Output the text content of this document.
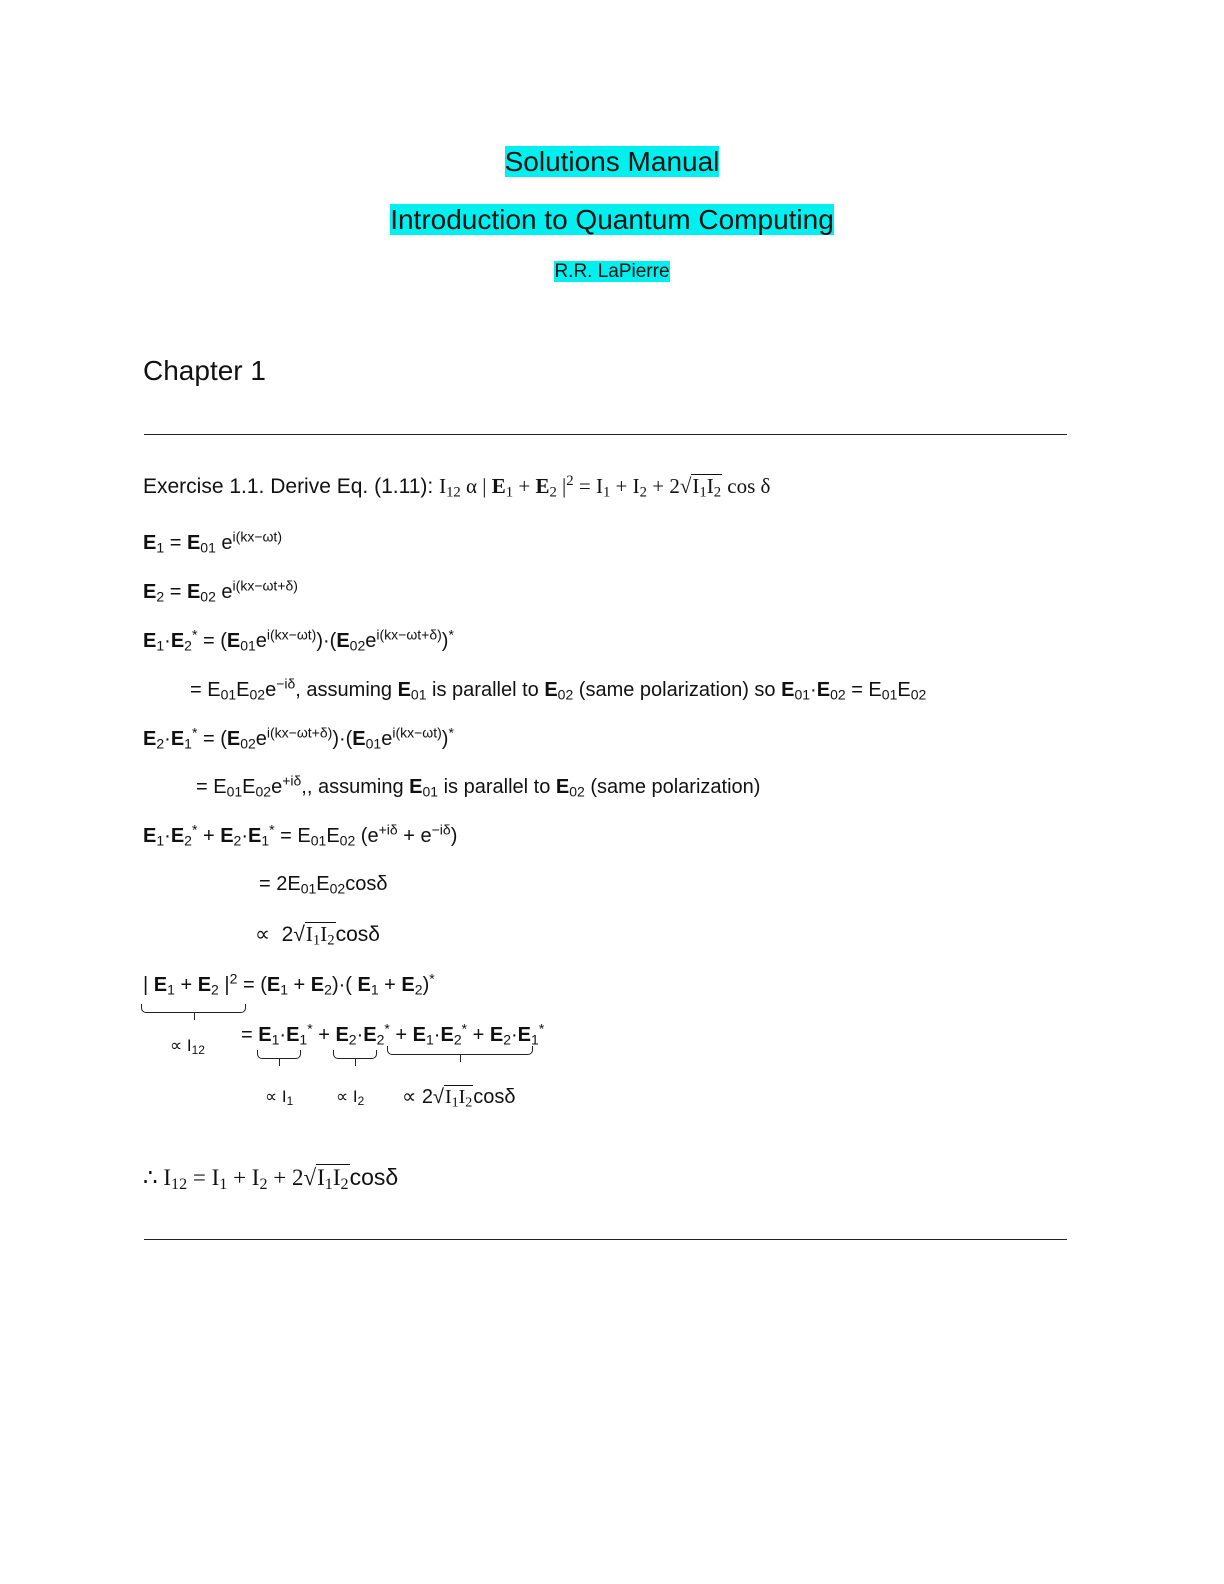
Solutions Manual
Introduction to Quantum Computing
R.R. LaPierre
Chapter 1
Exercise 1.1. Derive Eq. (1.11): $I_{12}$ α | $E_1 + E_2$ $|^2 = I_1 + I_2 + 2√I_1I_2$ cos δ
$E_1 = E_{01}$ $e^{i(kx-\omega t)}$
$E_2 = E_{02}$ $e^{i(kx-\omega t+\delta)}$
$E_1\cdot E_2^* = (E_{01}e^{i(kx-\omega t)})\cdot(E_{02}e^{i(kx-\omega t+\delta)})^*$
= $E_{01}E_{02}e^{-i\delta}$, assuming $E_{01}$ is parallel to $E_{02}$ (same polarization) so $E_{01}\cdot E_{02} = E_{01}E_{02}$
$E_2\cdot E_1^* = (E_{02}e^{i(kx-\omega t+\delta)})\cdot(E_{01}e^{i(kx-\omega t)})^*$
= $E_{01}E_{02}e^{+i\delta}$,, assuming $E_{01}$ is parallel to $E_{02}$ (same polarization)
$E_1\cdot E_2^* + E_2\cdot E_1^* = E_{01}E_{02}$ $(e^{+i\delta} + e^{-i\delta})$
= $2E_{01}E_{02}\cos\delta$
∝  $2√I_1I_2\cos\delta$
| $E_1 + E_2$ $|^2 = (E_1 + E_2)\cdot$( $E_1 + E_2)^*$
∝ $I_{12}$
= $E_1\cdot E_1^* + E_2\cdot E_2^* + E_1\cdot E_2^* + E_2\cdot E_1^*$
∝ $I_1$	∝ $I_2 \propto 2√I_1I_2\cos\delta$
∴ $I_{12} = I_1 + I_2 + 2√I_1I_2\cos\delta$
